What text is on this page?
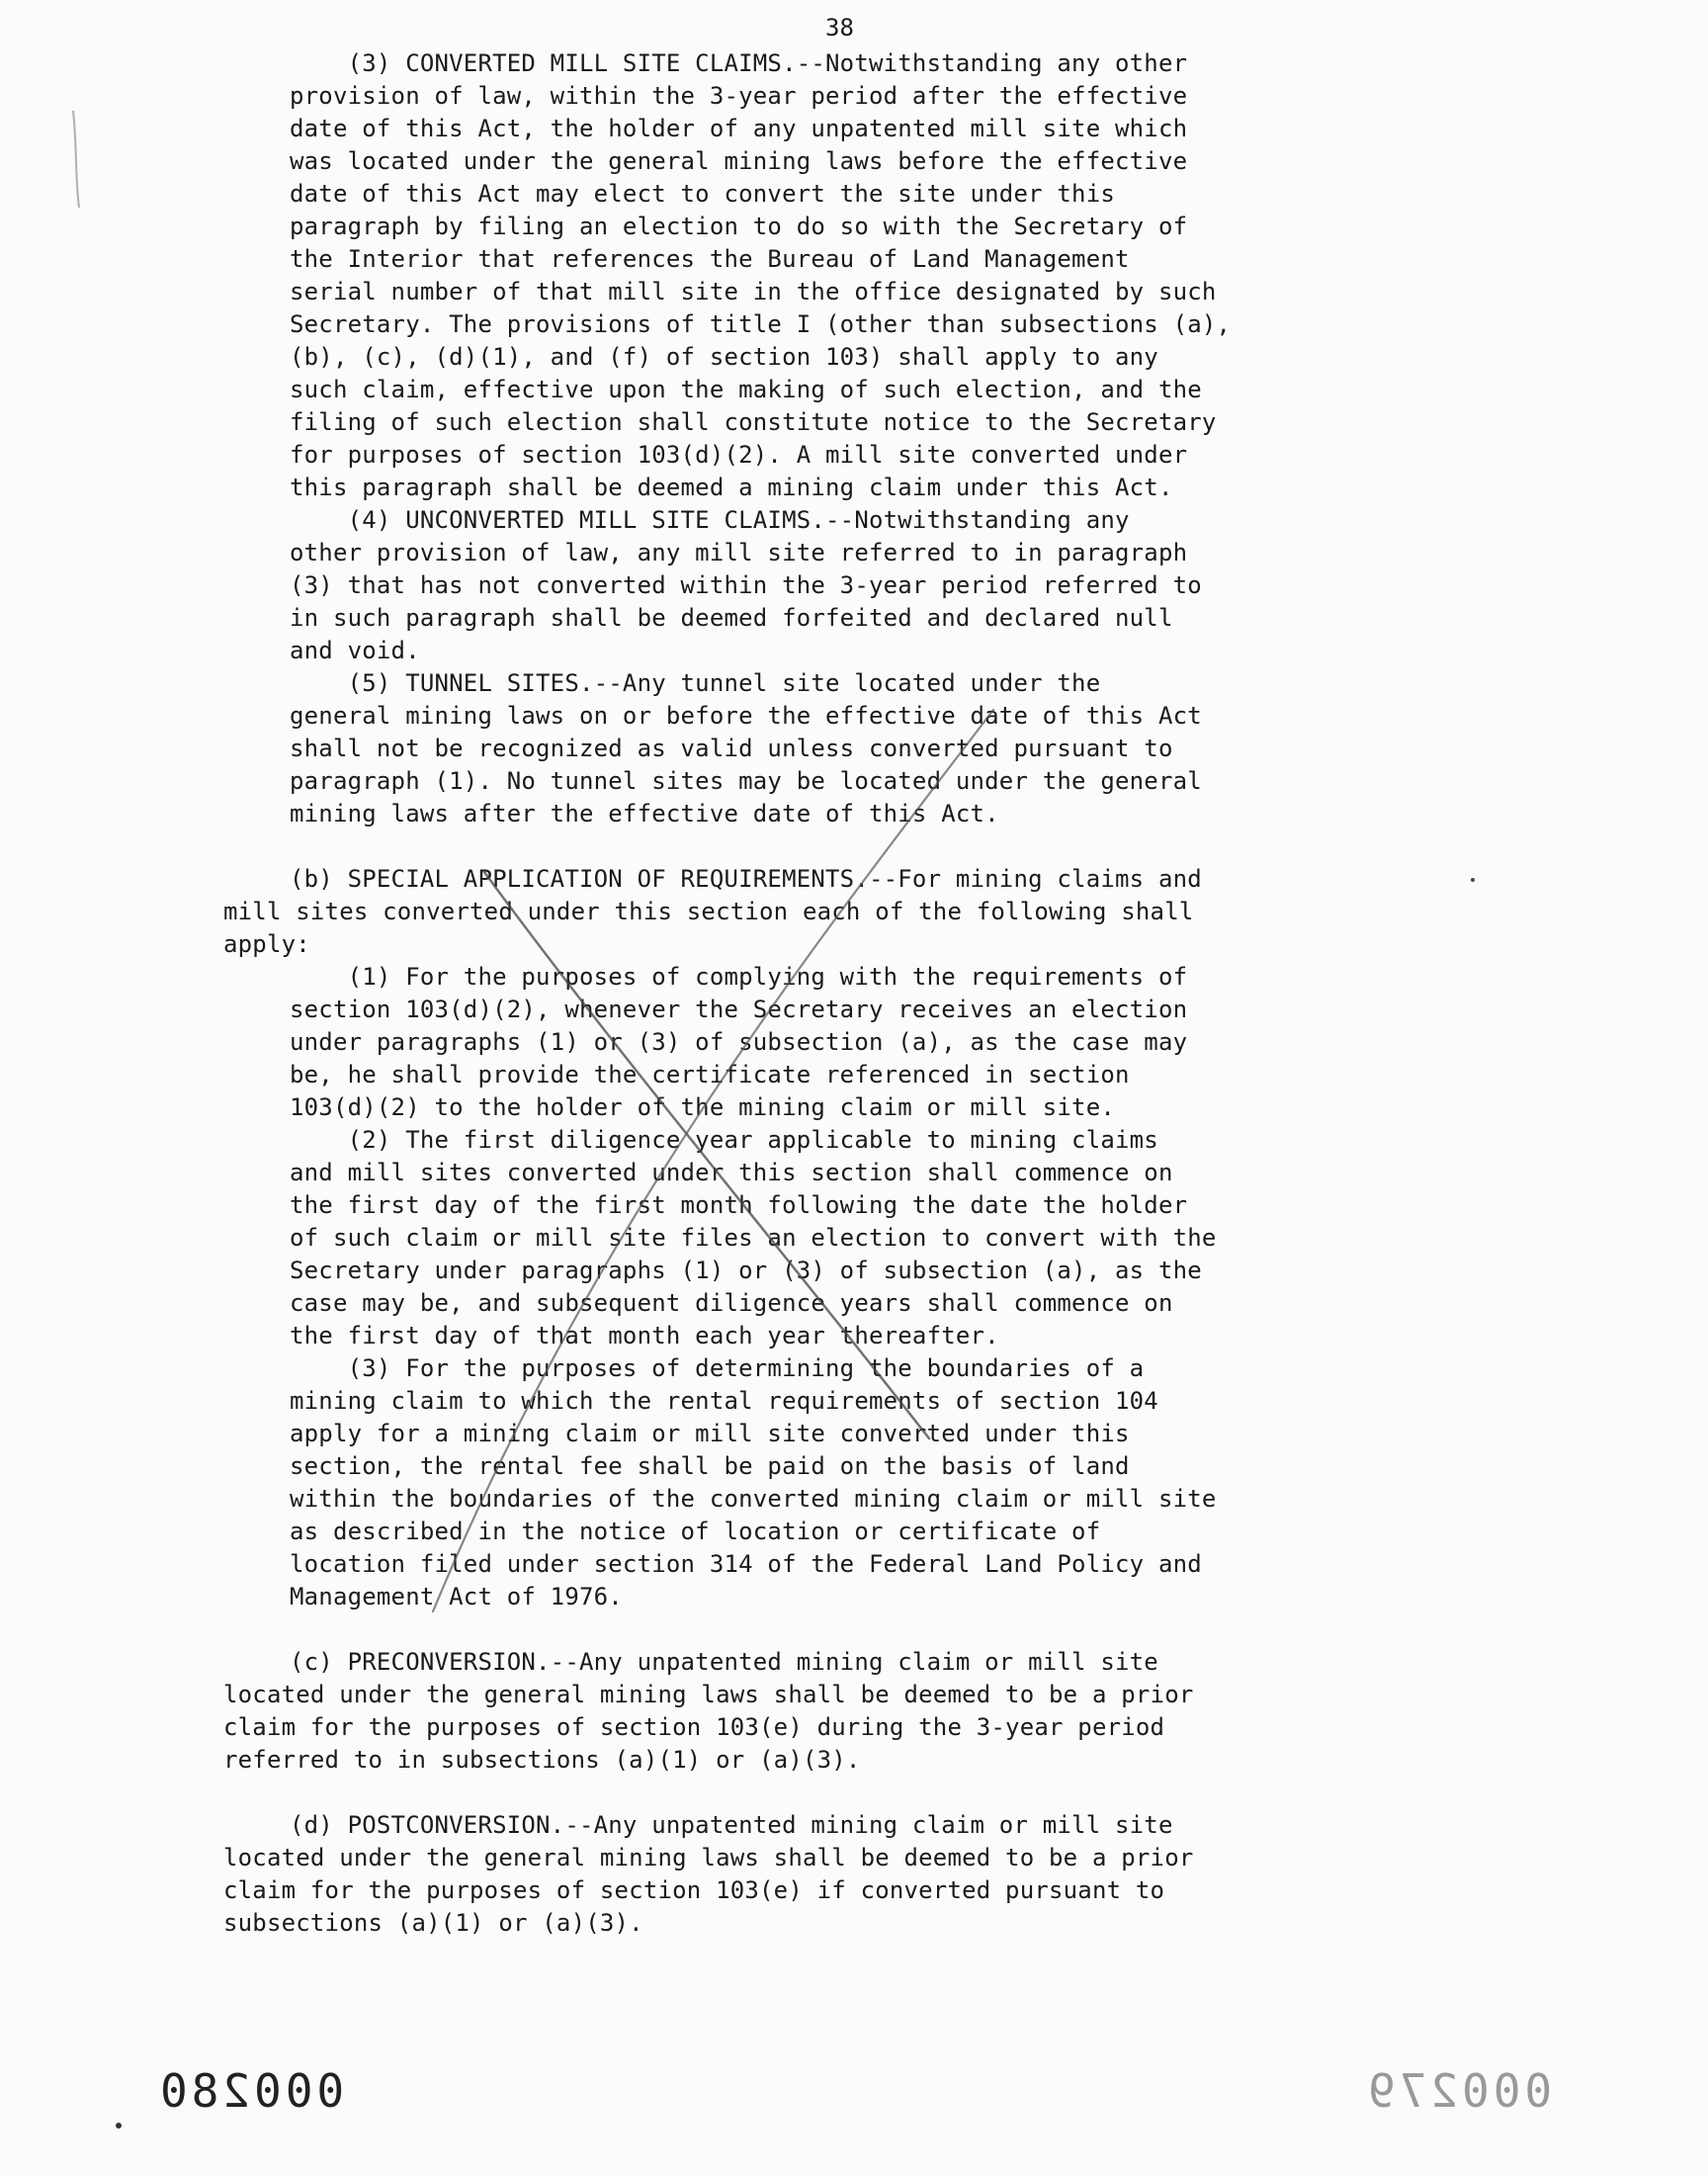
38
(3) CONVERTED MILL SITE CLAIMS.--Notwithstanding any other
provision of law, within the 3-year period after the effective
date of this Act, the holder of any unpatented mill site which
was located under the general mining laws before the effective
date of this Act may elect to convert the site under this
paragraph by filing an election to do so with the Secretary of
the Interior that references the Bureau of Land Management
serial number of that mill site in the office designated by such
Secretary. The provisions of title I (other than subsections (a),
(b), (c), (d)(1), and (f) of section 103) shall apply to any
such claim, effective upon the making of such election, and the
filing of such election shall constitute notice to the Secretary
for purposes of section 103(d)(2). A mill site converted under
this paragraph shall be deemed a mining claim under this Act.
(4) UNCONVERTED MILL SITE CLAIMS.--Notwithstanding any
other provision of law, any mill site referred to in paragraph
(3) that has not converted within the 3-year period referred to
in such paragraph shall be deemed forfeited and declared null
and void.
(5) TUNNEL SITES.--Any tunnel site located under the
general mining laws on or before the effective date of this Act
shall not be recognized as valid unless converted pursuant to
paragraph (1). No tunnel sites may be located under the general
mining laws after the effective date of this Act.
(b) SPECIAL APPLICATION OF REQUIREMENTS.--For mining claims and
mill sites converted under this section each of the following shall
apply:
(1) For the purposes of complying with the requirements of
section 103(d)(2), whenever the Secretary receives an election
under paragraphs (1) or (3) of subsection (a), as the case may
be, he shall provide the certificate referenced in section
103(d)(2) to the holder of the mining claim or mill site.
(2) The first diligence year applicable to mining claims
and mill sites converted under this section shall commence on
the first day of the first month following the date the holder
of such claim or mill site files an election to convert with the
Secretary under paragraphs (1) or (3) of subsection (a), as the
case may be, and subsequent diligence years shall commence on
the first day of that month each year thereafter.
(3) For the purposes of determining the boundaries of a
mining claim to which the rental requirements of section 104
apply for a mining claim or mill site converted under this
section, the rental fee shall be paid on the basis of land
within the boundaries of the converted mining claim or mill site
as described in the notice of location or certificate of
location filed under section 314 of the Federal Land Policy and
Management Act of 1976.
(c) PRECONVERSION.--Any unpatented mining claim or mill site
located under the general mining laws shall be deemed to be a prior
claim for the purposes of section 103(e) during the 3-year period
referred to in subsections (a)(1) or (a)(3).
(d) POSTCONVERSION.--Any unpatented mining claim or mill site
located under the general mining laws shall be deemed to be a prior
claim for the purposes of section 103(e) if converted pursuant to
subsections (a)(1) or (a)(3).
000280	000279
